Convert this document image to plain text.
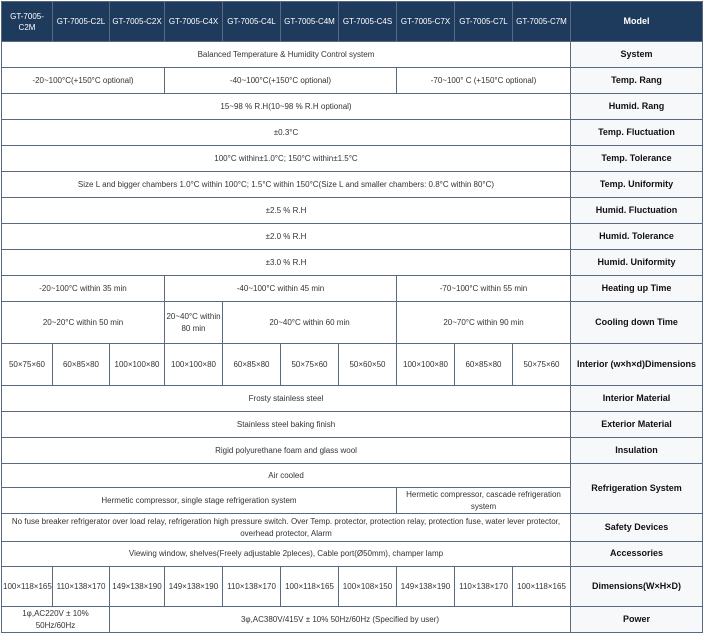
GT-7005-C2M	GT-7005-C2L	GT-7005-C2X	GT-7005-C4X	GT-7005-C4L	GT-7005-C4M	GT-7005-C4S	GT-7005-C7X	GT-7005-C7L	GT-7005-C7M	Model
Balanced Temperature & Humidity Control system										System
-20~100°C(+150°C optional)			-40~100°C(+150°C optional)				-70~100° C (+150°C optional)			Temp. Rang
15~98 % R.H(10~98 % R.H optional)										Humid. Rang
±0.3°C										Temp. Fluctuation
100°C within±1.0°C; 150°C within±1.5°C										Temp. Tolerance
Size L and bigger chambers 1.0°C within 100°C; 1.5°C within 150°C(Size L and smaller chambers: 0.8°C within 80°C)										Temp. Uniformity
±2.5 % R.H										Humid. Fluctuation
±2.0 % R.H										Humid. Tolerance
±3.0 % R.H										Humid. Uniformity
-20~100°C within 35 min			-40~100°C within 45 min				-70~100°C within 55 min			Heating up Time
20~20°C within 50 min			20~40°C within 80 min	20~40°C within 60 min			20~70°C within 90 min			Cooling down Time
50×75×60	60×85×80	100×100×80	100×100×80	60×85×80	50×75×60	50×60×50	100×100×80	60×85×80	50×75×60	Interior (w×h×d)Dimensions
Frosty stainless steel										Interior Material
Stainless steel baking finish										Exterior Material
Rigid polyurethane foam and glass wool										Insulation
Air cooled										Refrigeration System
Hermetic compressor, single stage refrigeration system							Hermetic compressor, cascade refrigeration system			
No fuse breaker refrigerator over load relay, refrigeration high pressure switch. Over Temp. protector, protection relay, protection fuse, water lever protector, overhead protector, Alarm										Safety Devices
Viewing window, shelves(Freely adjustable 2pleces), Cable port(Ø50mm), champer lamp										Accessories
100×118×165	110×138×170	149×138×190	149×138×190	110×138×170	100×118×165	100×108×150	149×138×190	110×138×170	100×118×165	Dimensions(W×H×D)
1φ,AC220V ± 10% 50Hz/60Hz		3φ,AC380V/415V ± 10% 50Hz/60Hz (Specified by user)								Power
